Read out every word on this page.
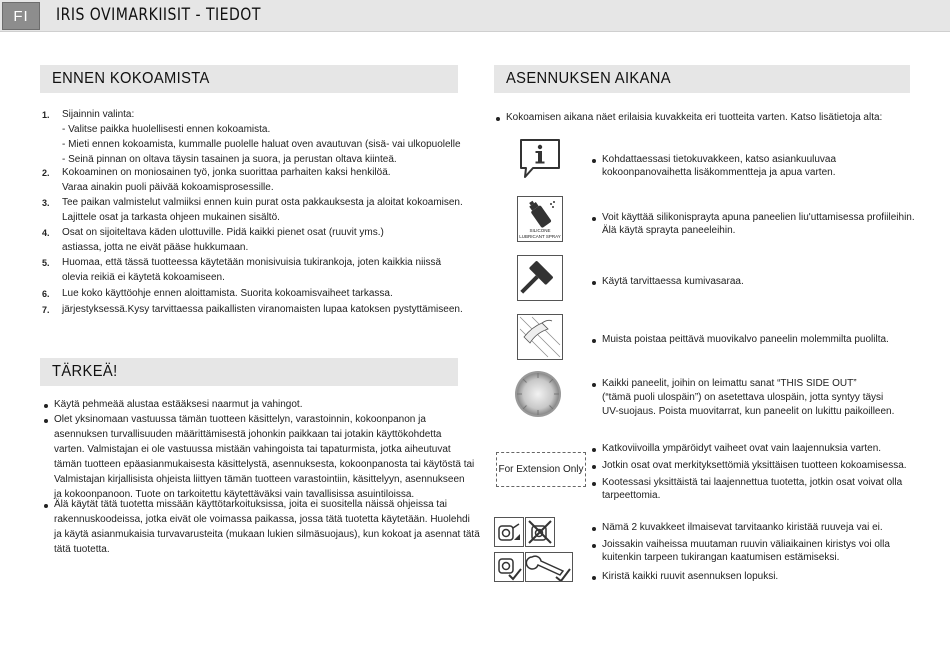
FI	IRIS OVIMARKIISIT - TIEDOT
ENNEN KOKOAMISTA
1. Sijainnin valinta:
- Valitse paikka huolellisesti ennen kokoamista.
- Mieti ennen kokoamista, kummalle puolelle haluat oven avautuvan (sisä- vai ulkopuolelle
- Seinä pinnan on oltava täysin tasainen ja suora, ja perustan oltava kiinteä.
2. Kokoaminen on moniosainen työ, jonka suorittaa parhaiten kaksi henkilöä.
Varaa ainakin puoli päivää kokoamisprosessille.
3. Tee paikan valmistelut valmiiksi ennen kuin purat osta pakkauksesta ja aloitat kokoamisen.
Lajittele osat ja tarkasta ohjeen mukainen sisältö.
4. Osat on sijoiteltava käden ulottuville. Pidä kaikki pienet osat (ruuvit yms.)
astiassa, jotta ne eivät pääse hukkumaan.
5. Huomaa, että tässä tuotteessa käytetään monisivuisia tukirankoja, joten kaikkia niissä
olevia reikiä ei käytetä kokoamiseen.
6. Lue koko käyttöohje ennen aloittamista. Suorita kokoamisvaiheet tarkassa.
7. järjestyksessä.Kysy tarvittaessa paikallisten viranomaisten lupaa katoksen pystyttämiseen.
TÄRKEÄ!
Käytä pehmeää alustaa estääksesi naarmut ja vahingot.
Olet yksinomaan vastuussa tämän tuotteen käsittelyn, varastoinnin, kokoonpanon ja
asennuksen turvallisuuden määrittämisestä johonkin paikkaan tai jotakin käyttökohdetta
varten. Valmistajan ei ole vastuussa mistään vahingoista tai tapaturmista, jotka aiheutuvat
tämän tuotteen epäasianmukaisesta käsittelystä, asennuksesta, kokoonpanosta tai käytöstä tai
Valmistajan kirjallisista ohjeista liittyen tämän tuotteen varastointiin, käsittelyyn, asennukseen
ja kokoonpanoon. Tuote on tarkoitettu käytettäväksi vain tavallisissa asuintiloissa.
Älä käytät tätä tuotetta missään käyttötarkoituksissa, joita ei suositella näissä ohjeissa tai
rakennuskoodeissa, jotka eivät ole voimassa paikassa, jossa tätä tuotetta käytetään. Huolehdi
ja käytä asianmukaisia turvavarusteita (mukaan lukien silmäsuojaus), kun kokoat ja asennat tätä
tätä tuotetta.
ASENNUKSEN AIKANA
Kokoamisen aikana näet erilaisia kuvakkeita eri tuotteita varten. Katso lisätietoja alta:
Kohdattaessasi tietokuvakkeen, katso asiankuuluvaa
kokoonpanovaihetta lisäkommentteja ja apua varten.
SILICONE
LUBRICANT SPRAY
Voit käyttää silikonisprayta apuna paneelien liu'uttamisessa profiileihin.
Älä käytä sprayta paneeleihin.
Käytä tarvittaessa kumivasaraa.
Muista poistaa peittävä muovikalvo paneelin molemmilta puolilta.
Kaikki paneelit, joihin on leimattu sanat “THIS SIDE OUT”
(“tämä puoli ulospäin”) on asetettava ulospäin, jotta syntyy täysi
UV-suojaus. Poista muovitarrat, kun paneelit on lukittu paikoilleen.
For Extension Only
Katkoviivoilla ympäröidyt vaiheet ovat vain laajennuksia varten.
Jotkin osat ovat merkityksettömiä yksittäisen tuotteen kokoamisessa.
Kootessasi yksittäistä tai laajennettua tuotetta, jotkin osat voivat olla
tarpeettomia.
Nämä 2 kuvakkeet ilmaisevat tarvitaanko kiristää ruuveja vai ei.
Joissakin vaiheissa muutaman ruuvin väliaikainen kiristys voi olla
kuitenkin tarpeen tukirangan kaatumisen estämiseksi.
Kiristä kaikki ruuvit asennuksen lopuksi.
